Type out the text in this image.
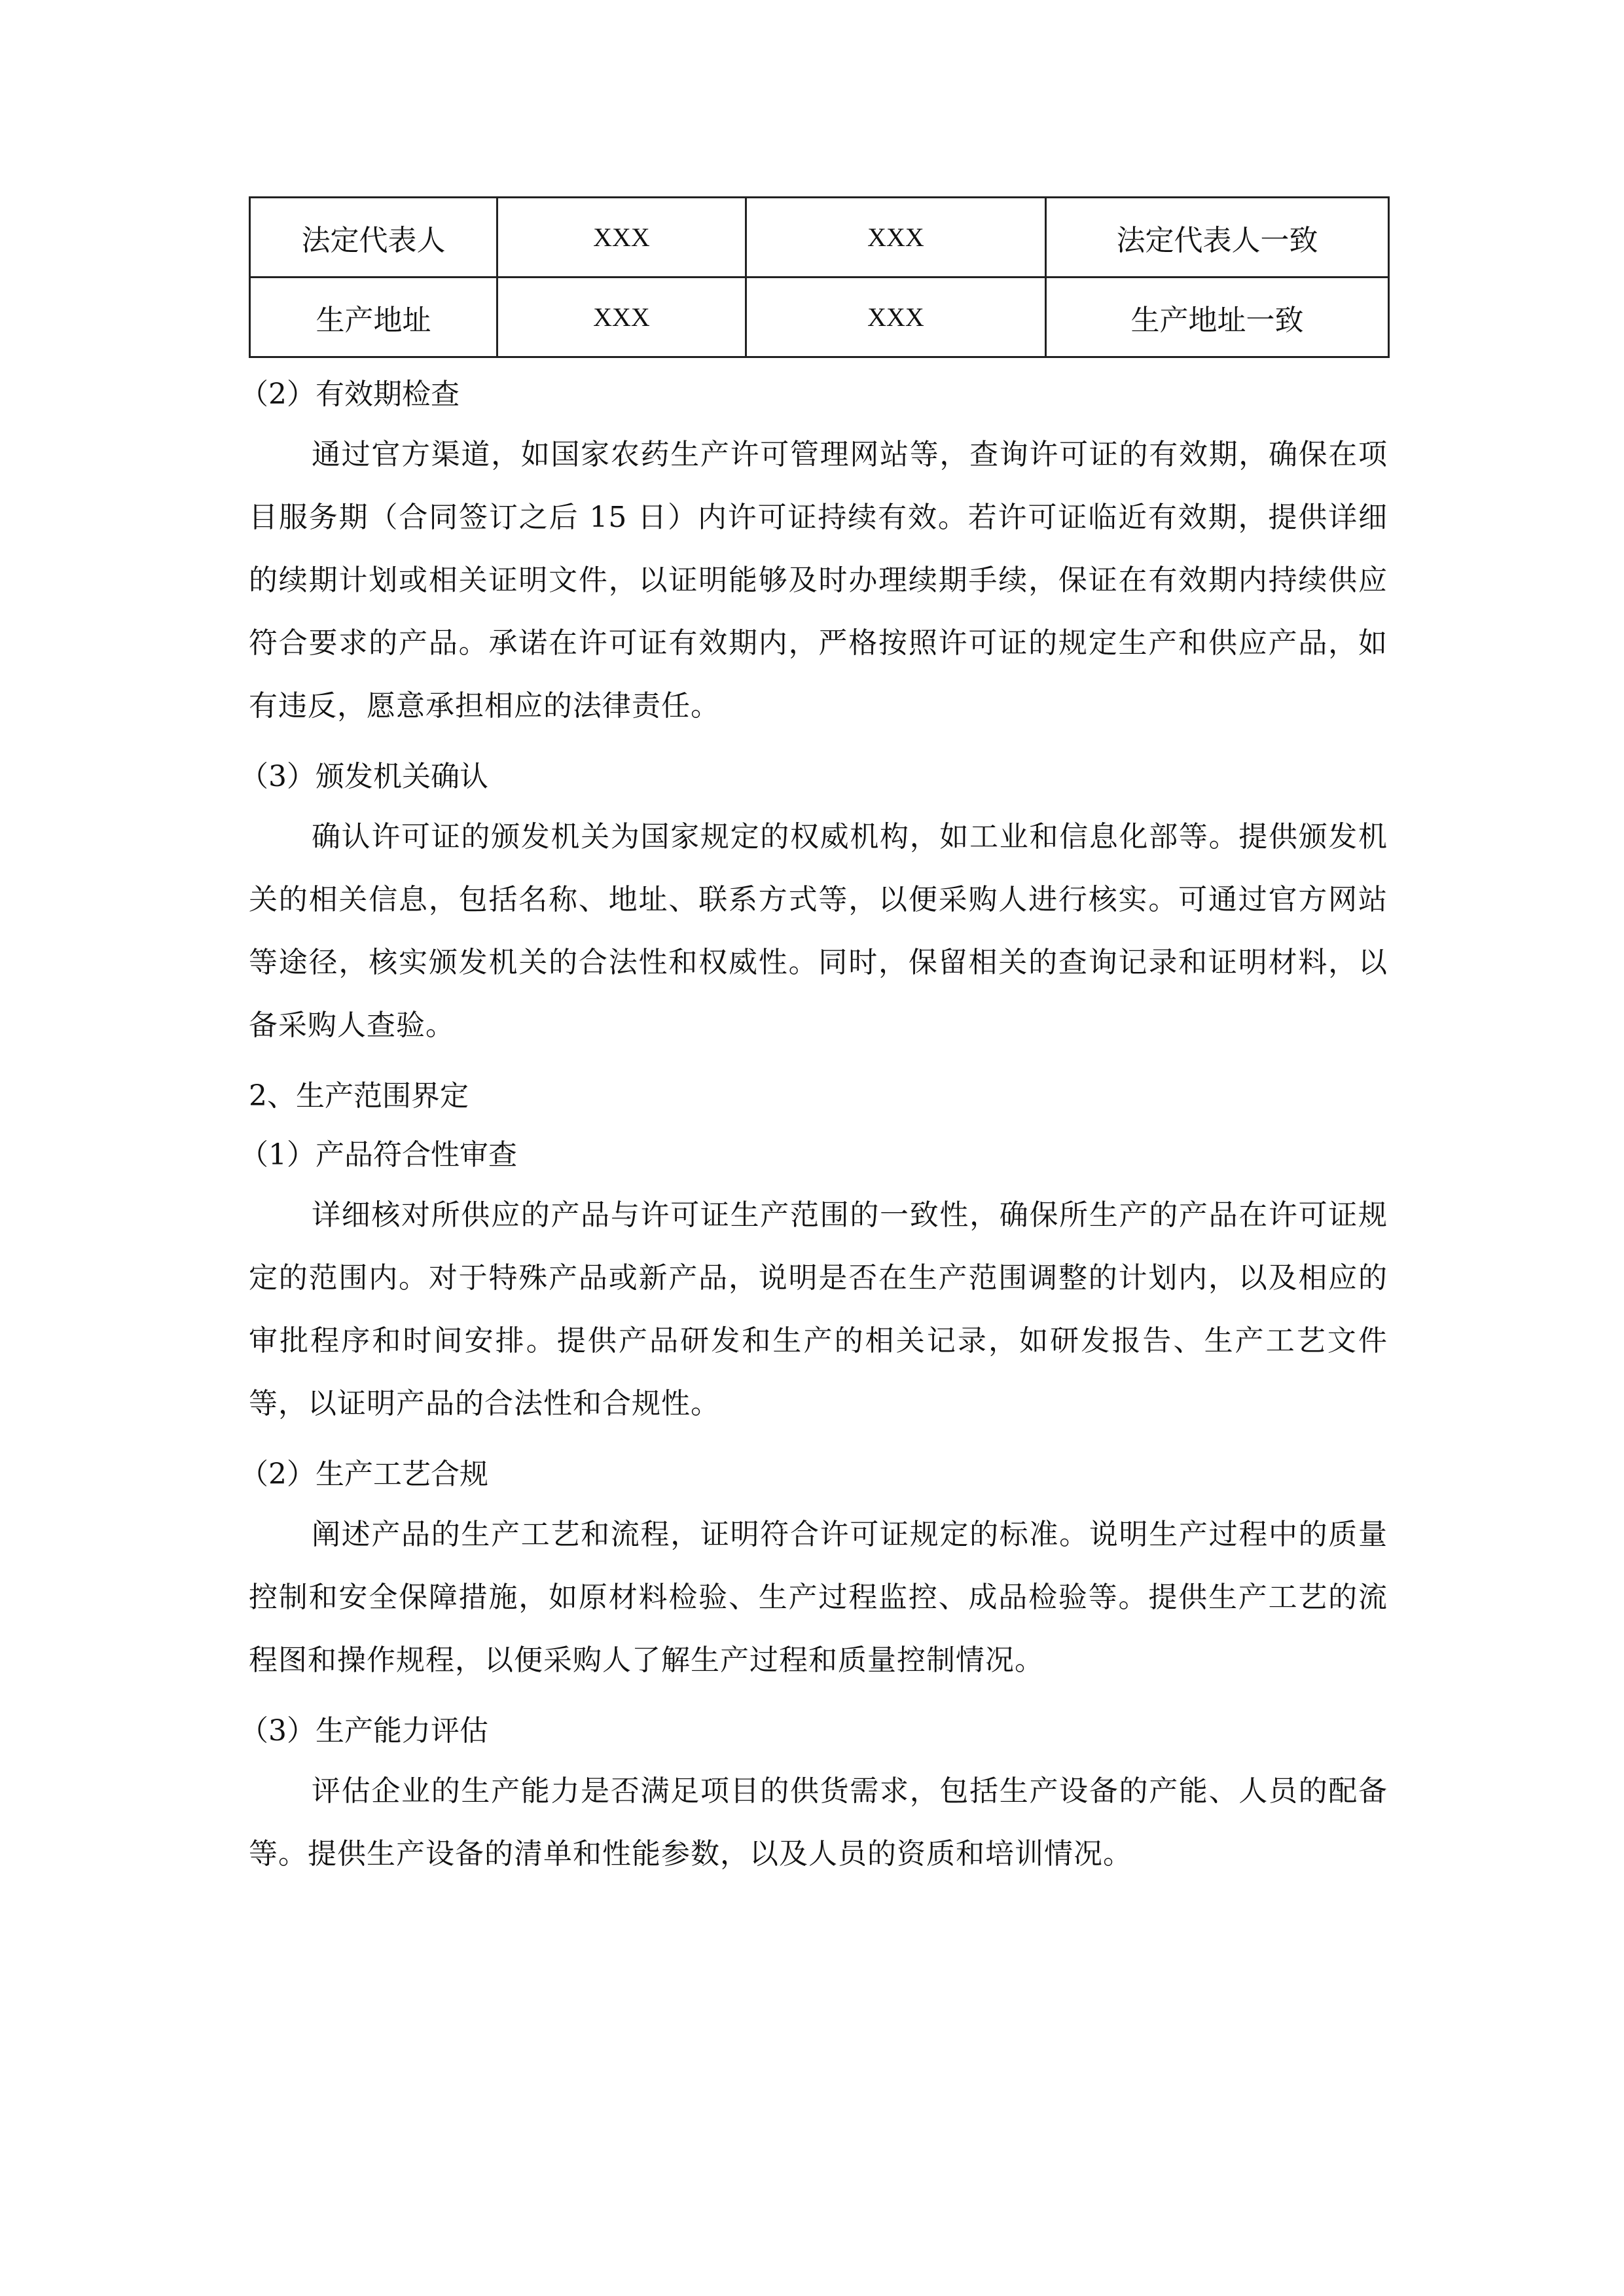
法定代表人	XXX	XXX	法定代表人一致
生产地址	XXX	XXX	生产地址一致
（2）有效期检查
通过官方渠道，如国家农药生产许可管理网站等，查询许可证的有效期，确保在项目服务期（合同签订之后 15 日）内许可证持续有效。若许可证临近有效期，提供详细的续期计划或相关证明文件，以证明能够及时办理续期手续，保证在有效期内持续供应符合要求的产品。承诺在许可证有效期内，严格按照许可证的规定生产和供应产品，如有违反，愿意承担相应的法律责任。
（3）颁发机关确认
确认许可证的颁发机关为国家规定的权威机构，如工业和信息化部等。提供颁发机关的相关信息，包括名称、地址、联系方式等，以便采购人进行核实。可通过官方网站等途径，核实颁发机关的合法性和权威性。同时，保留相关的查询记录和证明材料，以备采购人查验。
2、生产范围界定
（1）产品符合性审查
详细核对所供应的产品与许可证生产范围的一致性，确保所生产的产品在许可证规定的范围内。对于特殊产品或新产品，说明是否在生产范围调整的计划内，以及相应的审批程序和时间安排。提供产品研发和生产的相关记录，如研发报告、生产工艺文件等，以证明产品的合法性和合规性。
（2）生产工艺合规
阐述产品的生产工艺和流程，证明符合许可证规定的标准。说明生产过程中的质量控制和安全保障措施，如原材料检验、生产过程监控、成品检验等。提供生产工艺的流程图和操作规程，以便采购人了解生产过程和质量控制情况。
（3）生产能力评估
评估企业的生产能力是否满足项目的供货需求，包括生产设备的产能、人员的配备等。提供生产设备的清单和性能参数，以及人员的资质和培训情况。
